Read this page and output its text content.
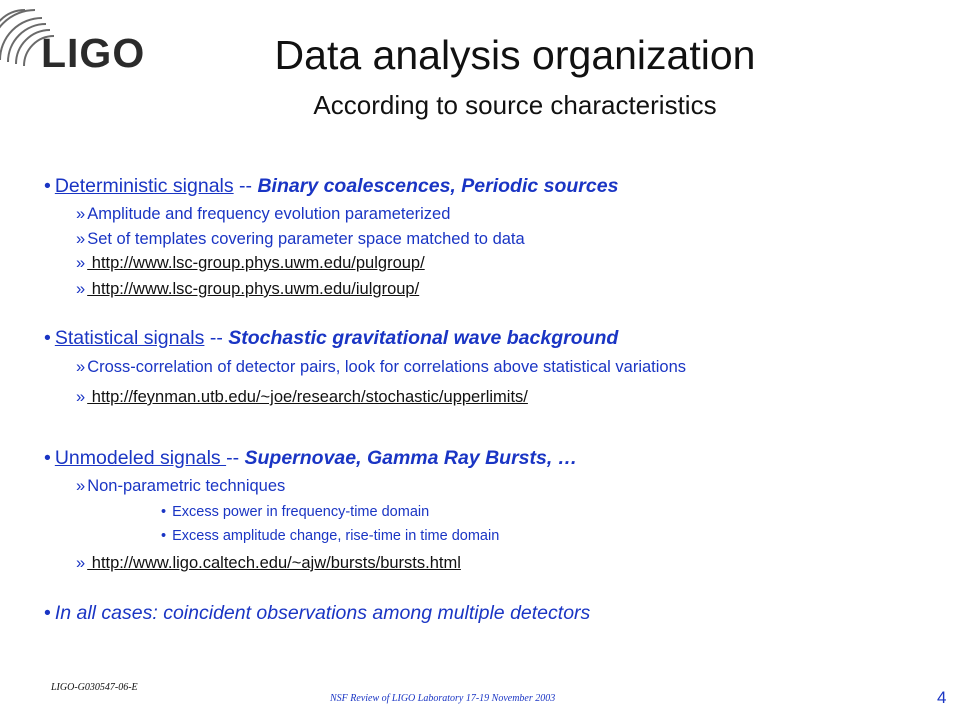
LIGO	Data analysis organization
According to source characteristics
• Deterministic signals -- Binary coalescences, Periodic sources
» Amplitude and frequency evolution parameterized
» Set of templates covering parameter space matched to data
» http://www.lsc-group.phys.uwm.edu/pulgroup/
» http://www.lsc-group.phys.uwm.edu/iulgroup/
• Statistical signals -- Stochastic gravitational wave background
» Cross-correlation of detector pairs, look for correlations above statistical variations
» http://feynman.utb.edu/~joe/research/stochastic/upperlimits/
• Unmodeled signals -- Supernovae, Gamma Ray Bursts, …
» Non-parametric techniques
• Excess power in frequency-time domain
• Excess amplitude change, rise-time in time domain
» http://www.ligo.caltech.edu/~ajw/bursts/bursts.html
• In all cases: coincident observations among multiple detectors
LIGO-G030547-06-E
NSF Review of LIGO Laboratory 17-19 November 2003	4
